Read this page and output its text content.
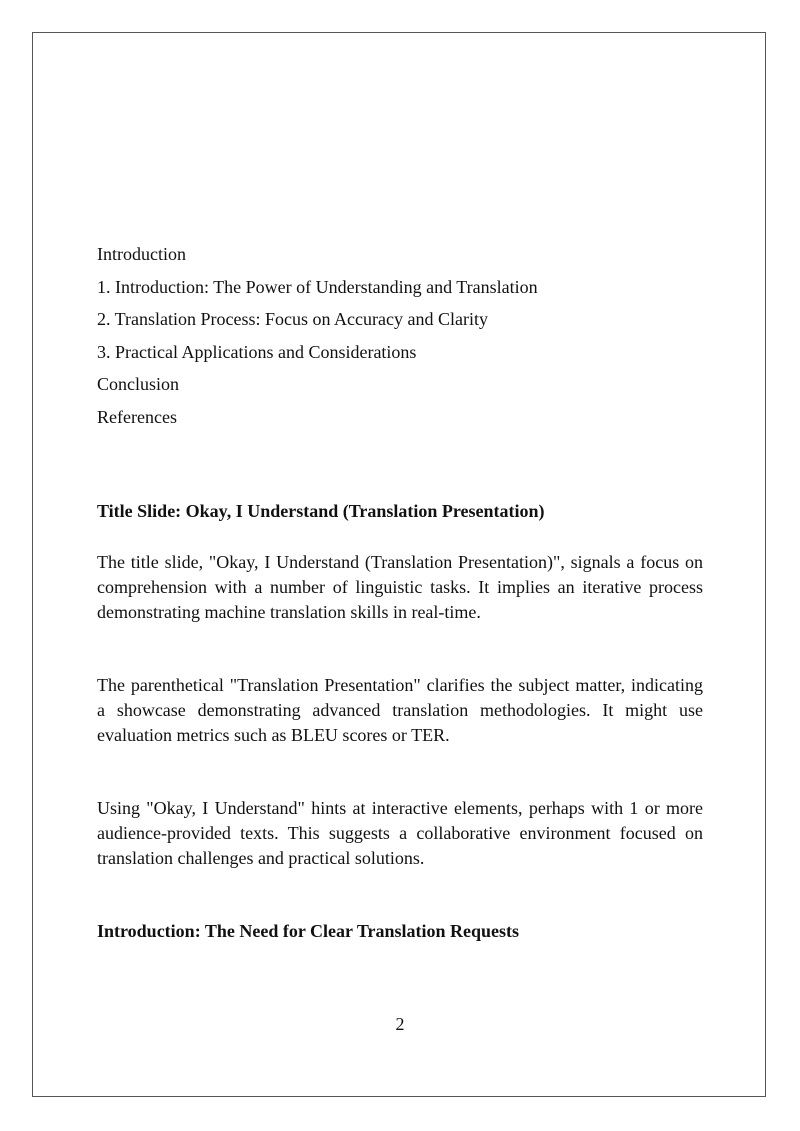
Introduction
1. Introduction: The Power of Understanding and Translation
2. Translation Process: Focus on Accuracy and Clarity
3. Practical Applications and Considerations
Conclusion
References
Title Slide: Okay, I Understand (Translation Presentation)

The title slide, "Okay, I Understand (Translation Presentation)", signals a focus on comprehension with a number of linguistic tasks. It implies an iterative process demonstrating machine translation skills in real-time.

The parenthetical "Translation Presentation" clarifies the subject matter, indicating a showcase demonstrating advanced translation methodologies. It might use evaluation metrics such as BLEU scores or TER.

Using "Okay, I Understand" hints at interactive elements, perhaps with 1 or more audience-provided texts. This suggests a collaborative environment focused on translation challenges and practical solutions.

Introduction: The Need for Clear Translation Requests
2
